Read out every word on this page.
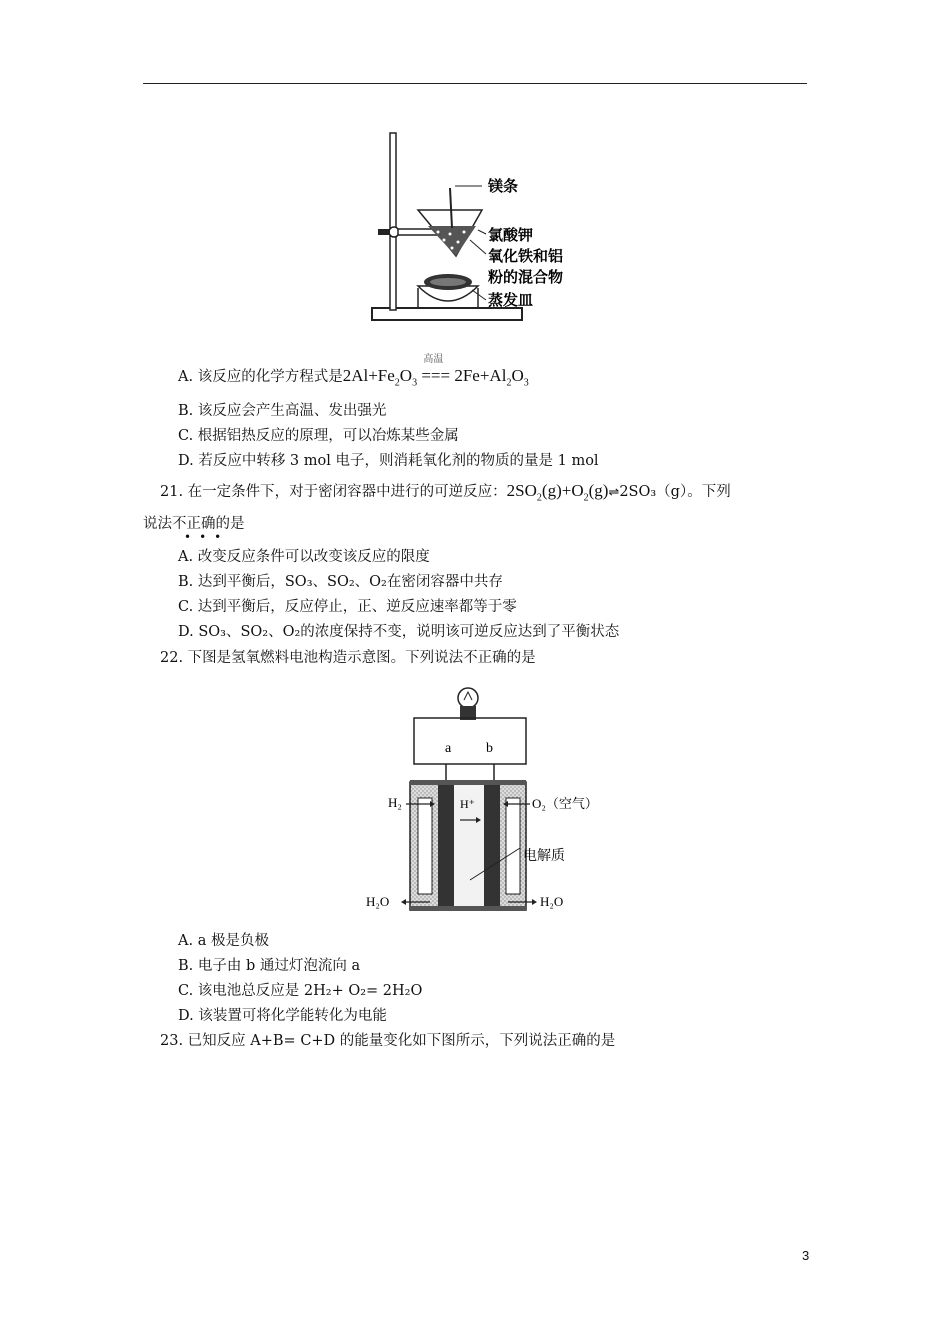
镁条
氯酸钾
氧化铁和铝
粉的混合物
蒸发皿
A. 该反应的化学方程式是$2Al+Fe_2O_3$
高温
=== $2Fe+Al_2O_3$
B. 该反应会产生高温、发出强光
C. 根据铝热反应的原理，可以冶炼某些金属
D. 若反应中转移 3 mol 电子，则消耗氧化剂的物质的量是 1 mol
21. 在一定条件下，对于密闭容器中进行的可逆反应：$2SO_2(g)+O_2(g)\rightleftharpoons 2SO_3(g)$。下列
说法不正确的是
•••
A. 改变反应条件可以改变该反应的限度
B. 达到平衡后，SO₃、SO₂、O₂在密闭容器中共存
C. 达到平衡后，反应停止，正、逆反应速率都等于零
D. SO₃、SO₂、O₂的浓度保持不变，说明该可逆反应达到了平衡状态
22. 下图是氢氧燃料电池构造示意图。下列说法不正确的是
a b
H⁺
电解质
H₂	O₂（空气）
H₂O	H₂O
A. a 极是负极
B. 电子由 b 通过灯泡流向 a
C. 该电池总反应是 2H₂+ O₂= 2H₂O
D. 该装置可将化学能转化为电能
23. 已知反应 A+B= C+D 的能量变化如下图所示，下列说法正确的是
3
